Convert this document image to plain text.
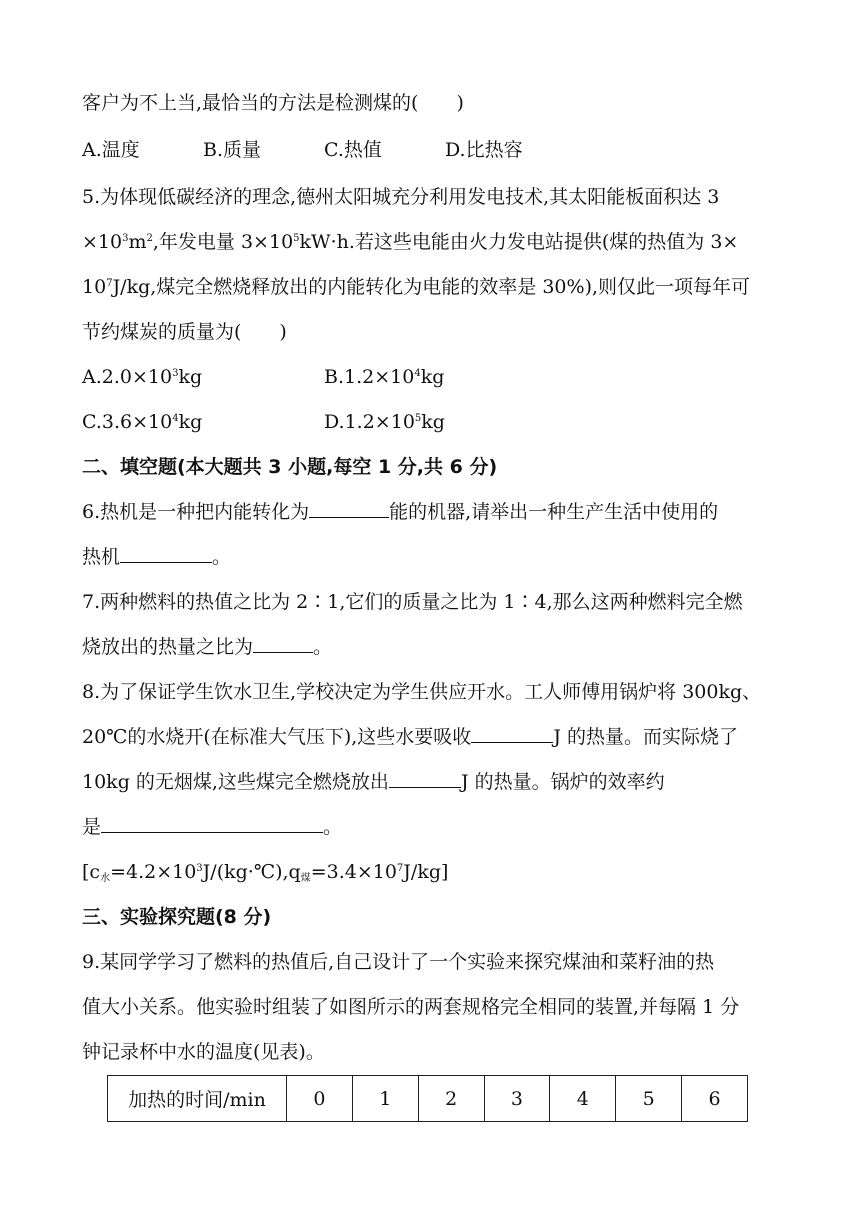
客户为不上当,最恰当的方法是检测煤的(　　)
A.温度	B.质量	C.热值	D.比热容
5.为体现低碳经济的理念,德州太阳城充分利用发电技术,其太阳能板面积达 3
$\times 10^3m^2$,年发电量 $3\times 10^5kW\cdot h$.若这些电能由火力发电站提供(煤的热值为 3×
$10^7J/kg$,煤完全燃烧释放出的内能转化为电能的效率是 30%),则仅此一项每年可
节约煤炭的质量为(　　)
$A.2.0\times 10^3kg$	$B.1.2\times 10^4kg$
$C.3.6\times 10^4kg$	$D.1.2\times 10^5kg$
二、填空题(本大题共 3 小题,每空 1 分,共 6 分)
6.热机是一种把内能转化为	能的机器,请举出一种生产生活中使用的
热机	。
7.两种燃料的热值之比为 2∶1,它们的质量之比为 1∶4,那么这两种燃料完全燃
烧放出的热量之比为	。
8.为了保证学生饮水卫生,学校决定为学生供应开水。工人师傅用锅炉将 300kg、
20℃的水烧开(在标准大气压下),这些水要吸收	J 的热量。而实际烧了
10kg 的无烟煤,这些煤完全燃烧放出	J 的热量。锅炉的效率约
是	。
$[c_水=4.2\times 10^3J/(kg\cdot℃),q_煤=3.4\times 10^7J/kg]$
三、实验探究题(8 分)
9.某同学学习了燃料的热值后,自己设计了一个实验来探究煤油和菜籽油的热
值大小关系。他实验时组装了如图所示的两套规格完全相同的装置,并每隔 1 分
钟记录杯中水的温度(见表)。
加热的时间/min	0	1	2	3	4	5	6
